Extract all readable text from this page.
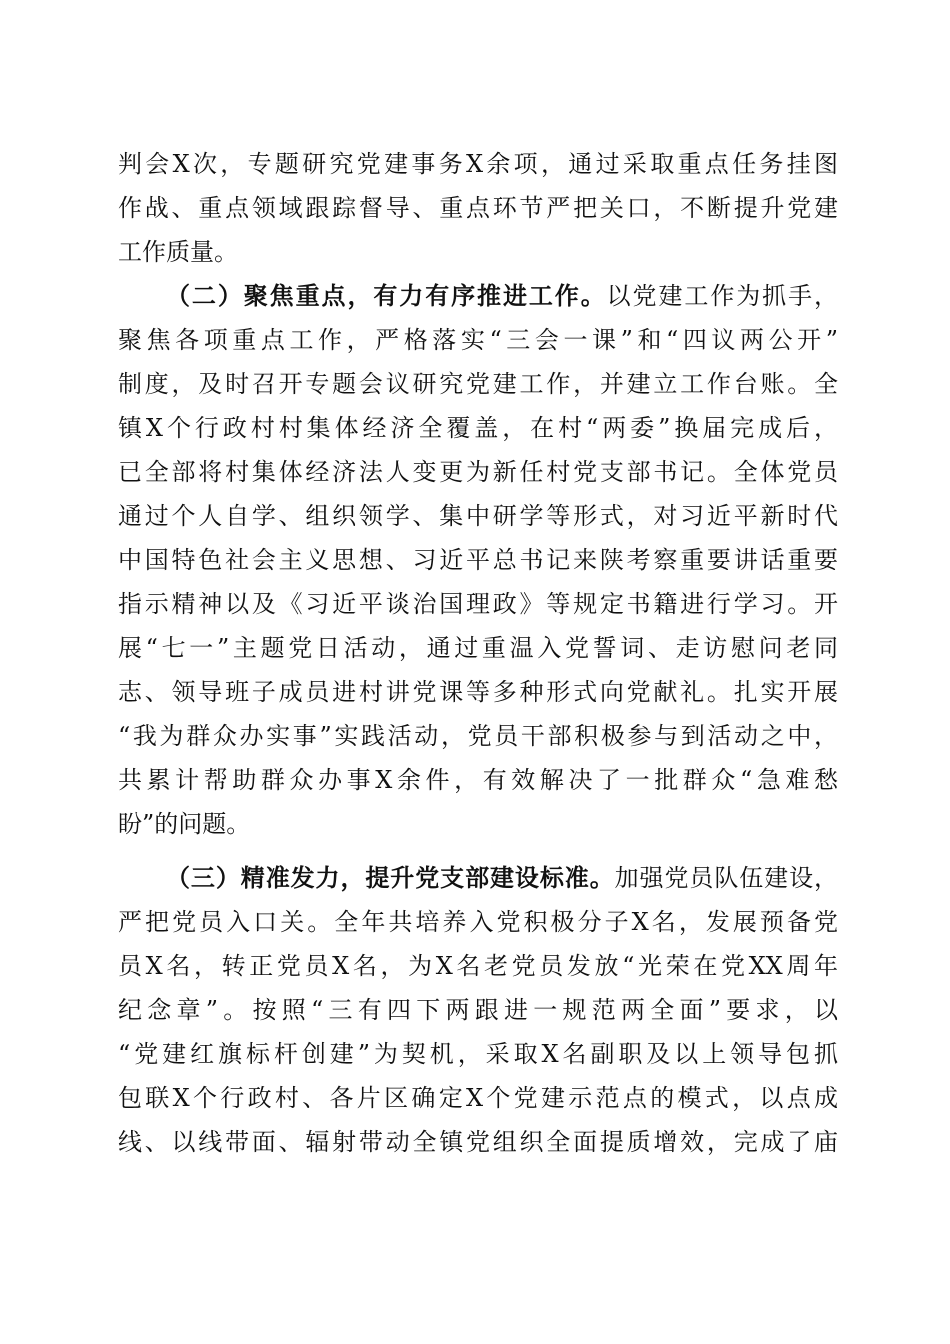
判会X次，专题研究党建事务X余项，通过采取重点任务挂图
作战、重点领域跟踪督导、重点环节严把关口，不断提升党建
工作质量。
（二）聚焦重点，有力有序推进工作。以党建工作为抓手，
聚焦各项重点工作，严格落实“三会一课”和“四议两公开”
制度，及时召开专题会议研究党建工作，并建立工作台账。全
镇X个行政村村集体经济全覆盖，在村“两委”换届完成后，
已全部将村集体经济法人变更为新任村党支部书记。全体党员
通过个人自学、组织领学、集中研学等形式，对习近平新时代
中国特色社会主义思想、习近平总书记来陕考察重要讲话重要
指示精神以及《习近平谈治国理政》等规定书籍进行学习。开
展“七一”主题党日活动，通过重温入党誓词、走访慰问老同
志、领导班子成员进村讲党课等多种形式向党献礼。扎实开展
“我为群众办实事”实践活动，党员干部积极参与到活动之中，
共累计帮助群众办事X余件，有效解决了一批群众“急难愁
盼”的问题。
（三）精准发力，提升党支部建设标准。加强党员队伍建设，
严把党员入口关。全年共培养入党积极分子X名，发展预备党
员X名，转正党员X名，为X名老党员发放“光荣在党XX周年
纪念章”。按照“三有四下两跟进一规范两全面”要求，以
“党建红旗标杆创建”为契机，采取X名副职及以上领导包抓
包联X个行政村、各片区确定X个党建示范点的模式，以点成
线、以线带面、辐射带动全镇党组织全面提质增效，完成了庙
